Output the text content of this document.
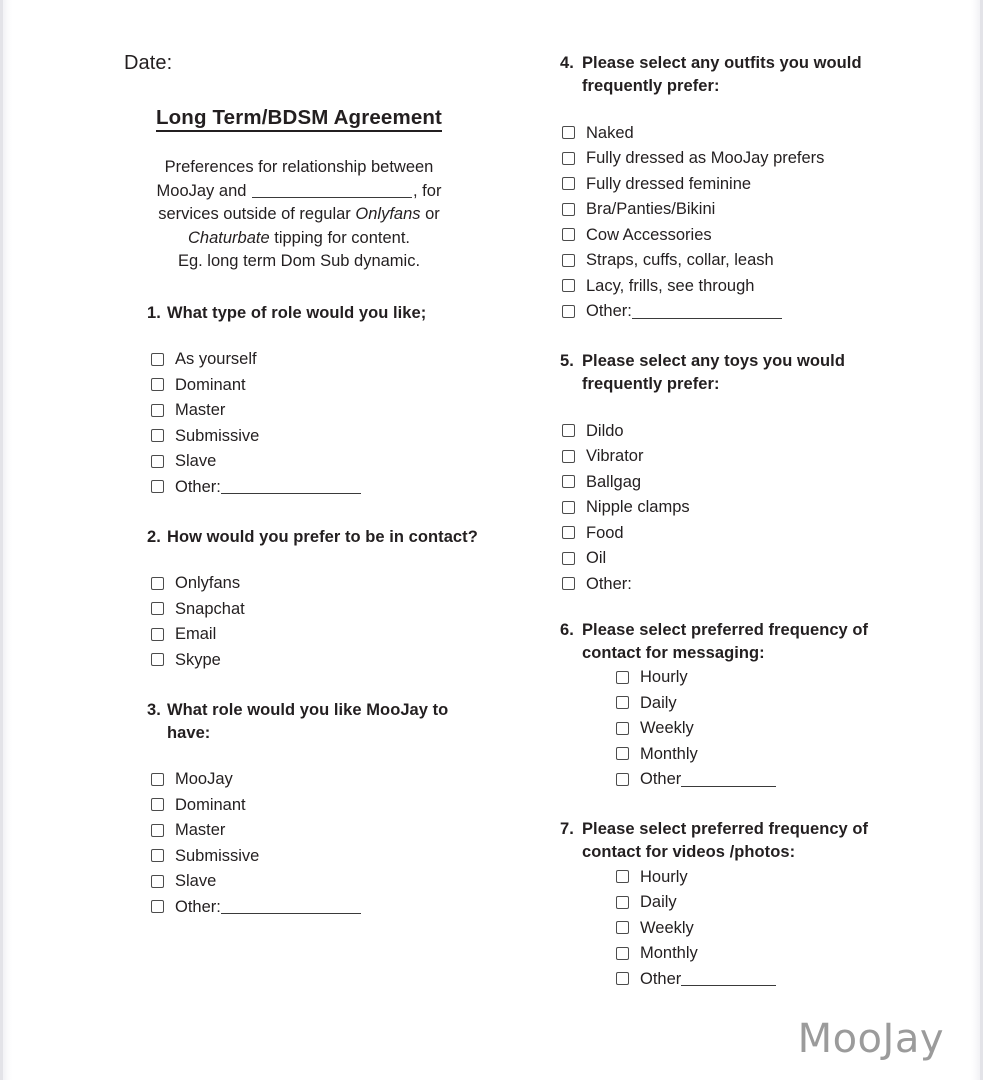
Date:
Long Term/BDSM Agreement
Preferences for relationship between
MooJay and	, for
services outside of regular Onlyfans or
Chaturbate tipping for content.
Eg. long term Dom Sub dynamic.
1. What type of role would you like;
As yourself
Dominant
Master
Submissive
Slave
Other:
2. How would you prefer to be in contact?
Onlyfans
Snapchat
Email
Skype
3. What role would you like MooJay to have:
MooJay
Dominant
Master
Submissive
Slave
Other:
4. Please select any outfits you would frequently prefer:
Naked
Fully dressed as MooJay prefers
Fully dressed feminine
Bra/Panties/Bikini
Cow Accessories
Straps, cuffs, collar, leash
Lacy, frills, see through
Other:
5. Please select any toys you would frequently prefer:
Dildo
Vibrator
Ballgag
Nipple clamps
Food
Oil
Other:
6. Please select preferred frequency of contact for messaging:
Hourly
Daily
Weekly
Monthly
Other
7. Please select preferred frequency of contact for videos /photos:
Hourly
Daily
Weekly
Monthly
Other
MooJay
